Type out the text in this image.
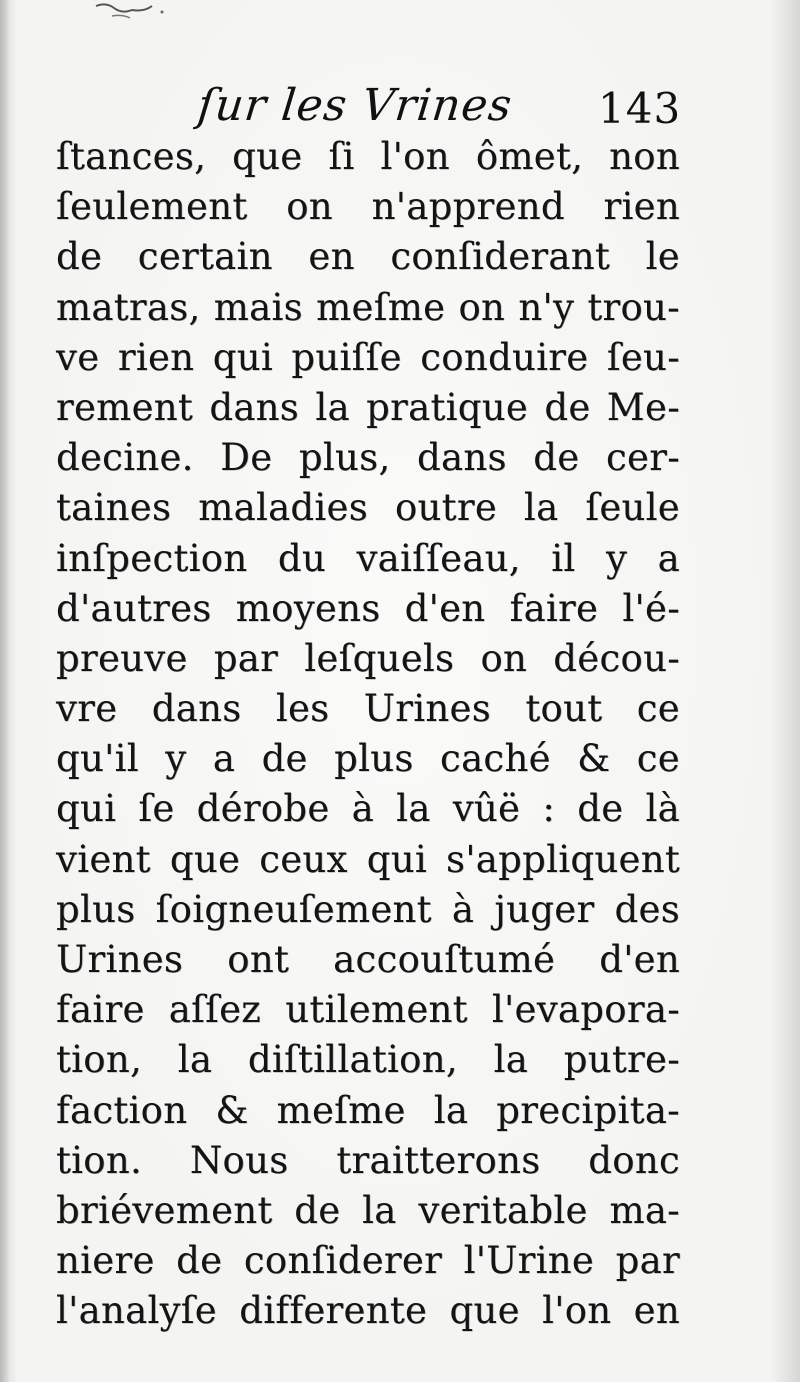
ſur les Vrines 143
ſtances, que ſi l'on ômet, non
ſeulement on n'apprend rien
de certain en conſiderant le
matras, mais meſme on n'y trou-
ve rien qui puiſſe conduire ſeu-
rement dans la pratique de Me-
decine. De plus, dans de cer-
taines maladies outre la ſeule
inſpection du vaiſſeau, il y a
d'autres moyens d'en faire l'é-
preuve par leſquels on décou-
vre dans les Urines tout ce
qu'il y a de plus caché & ce
qui ſe dérobe à la vûë : de là
vient que ceux qui s'appliquent
plus ſoigneuſement à juger des
Urines ont accouſtumé d'en
faire aſſez utilement l'evapora-
tion, la diſtillation, la putre-
faction & meſme la precipita-
tion. Nous traitterons donc
briévement de la veritable ma-
niere de conſiderer l'Urine par
l'analyſe differente que l'on en
